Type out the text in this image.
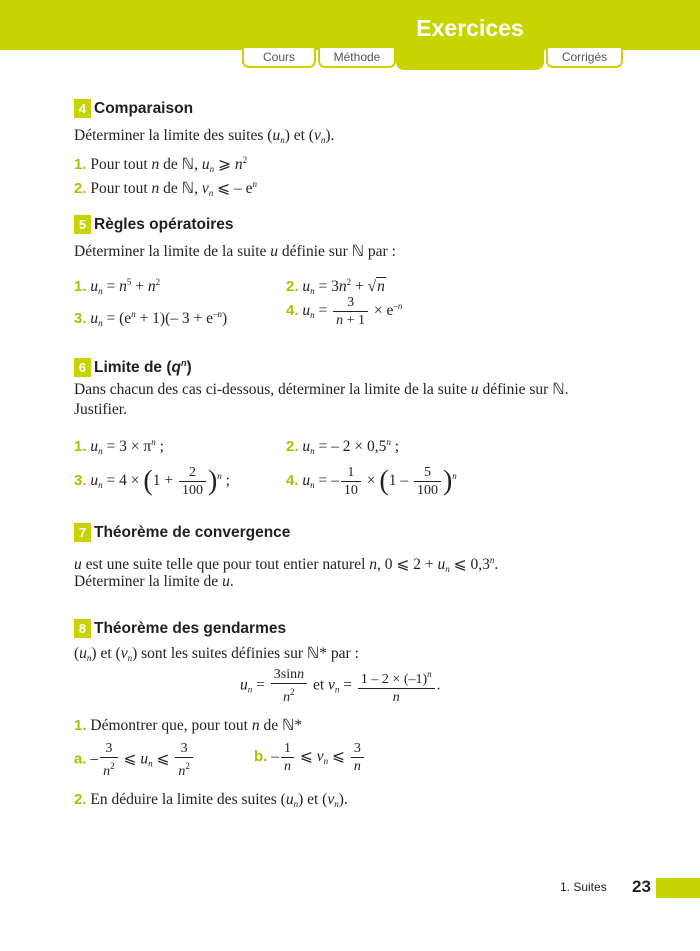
Cours	Méthode
Exercices
Corrigés
4 Comparaison
Déterminer la limite des suites $(u_n)$ et $(v_n)$.
1. Pour tout n de ℕ, $u_n$ ⩾ $n^2$
2. Pour tout n de ℕ, $v_n$ ⩽ – $e^n$
5 Règles opératoires
Déterminer la limite de la suite u définie sur ℕ par :
1. $u_n = n^5 + n^2$	2. $u_n = 3n^2 + √n$
3. $u_n = (e^n + 1)(-$ $3 + e^{-n}$)	4. $u_n = \frac{3}{n + 1} \times e^{-n}$
6 Limite de $(q^n)$
Dans chacun des cas ci-dessous, déterminer la limite de la suite u définie sur ℕ.
Justifier.
1. $u_n = 3 \times \pi^n$ ;	2. $u_n$ = – $2 \times 0,5^n$ ;
3. $u_n = 4 \times (1 + \frac{2}{100} )^n$ ;	4. $u_n$ = – $\frac{1}{10} \times (1 - \frac{5}{100} )^n$
7 Théorème de convergence
u est une suite telle que pour tout entier naturel n, 0 ⩽ $2 + u_n$ ⩽ 0,3$^n$.
Déterminer la limite de u.
8 Théorème des gendarmes
$(u_n)$ et $(v_n)$ sont les suites définies sur ℕ* par :
$u_n = \frac{3\sin n}{n^2}$ et $v_n = \frac{1 - 2 \times (-1)^n}{n}$ .
1. Démontrer que, pour tout n de ℕ*
a. – $\frac{3}{n^2}$ ⩽ $u_n$ ⩽ $\frac{3}{n^2}$	b. – $\frac{1}{n}$ ⩽ $v_n$ ⩽ $\frac{3}{n}$
2. En déduire la limite des suites $(u_n)$ et $(v_n)$.
1. Suites 23
